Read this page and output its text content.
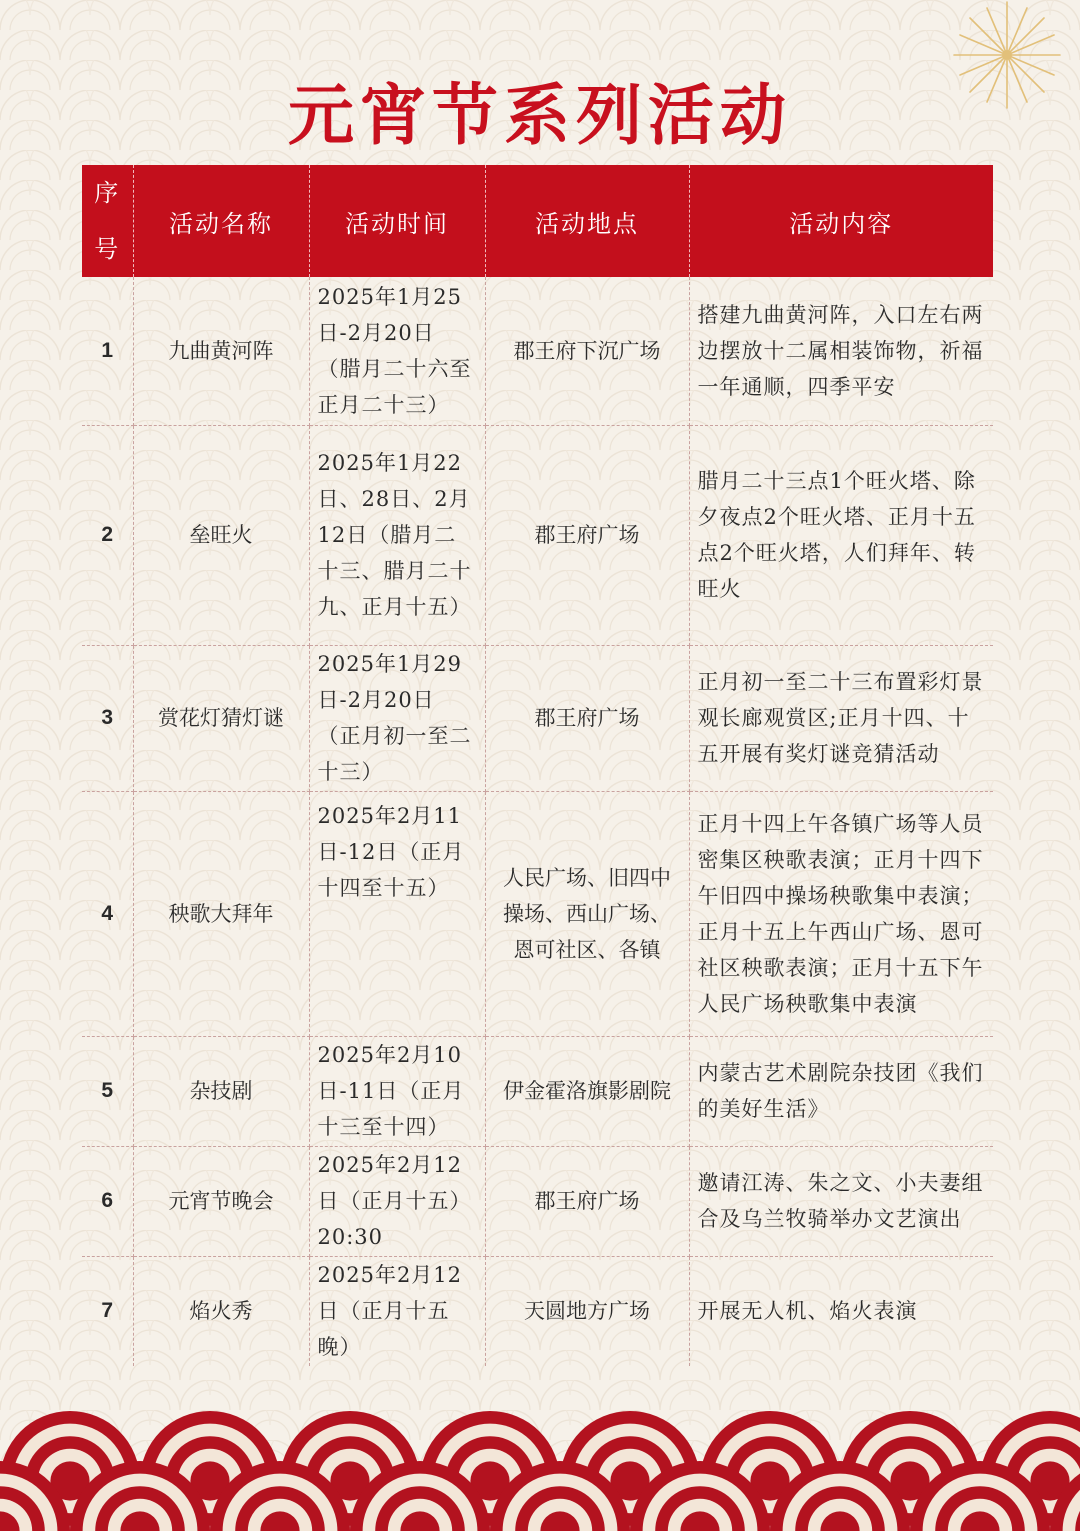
元宵节系列活动
序号	活动名称	活动时间	活动地点	活动内容
1	九曲黄河阵	2025年1月25日-2月20日（腊月二十六至正月二十三）	郡王府下沉广场	搭建九曲黄河阵，入口左右两边摆放十二属相装饰物，祈福一年通顺，四季平安
2	垒旺火	2025年1月22日、28日、2月12日（腊月二十三、腊月二十九、正月十五）	郡王府广场	腊月二十三点1个旺火塔、除夕夜点2个旺火塔、正月十五点2个旺火塔，人们拜年、转旺火
3	赏花灯猜灯谜	2025年1月29日-2月20日（正月初一至二十三）	郡王府广场	正月初一至二十三布置彩灯景观长廊观赏区;正月十四、十五开展有奖灯谜竞猜活动
4	秧歌大拜年	2025年2月11日-12日（正月十四至十五）	人民广场、旧四中操场、西山广场、恩可社区、各镇	正月十四上午各镇广场等人员密集区秧歌表演；正月十四下午旧四中操场秧歌集中表演；正月十五上午西山广场、恩可社区秧歌表演；正月十五下午人民广场秧歌集中表演
5	杂技剧	2025年2月10日-11日（正月十三至十四）	伊金霍洛旗影剧院	内蒙古艺术剧院杂技团《我们的美好生活》
6	元宵节晚会	2025年2月12日（正月十五）20:30	郡王府广场	邀请江涛、朱之文、小夫妻组合及乌兰牧骑举办文艺演出
7	焰火秀	2025年2月12日（正月十五晚）	天圆地方广场	开展无人机、焰火表演
